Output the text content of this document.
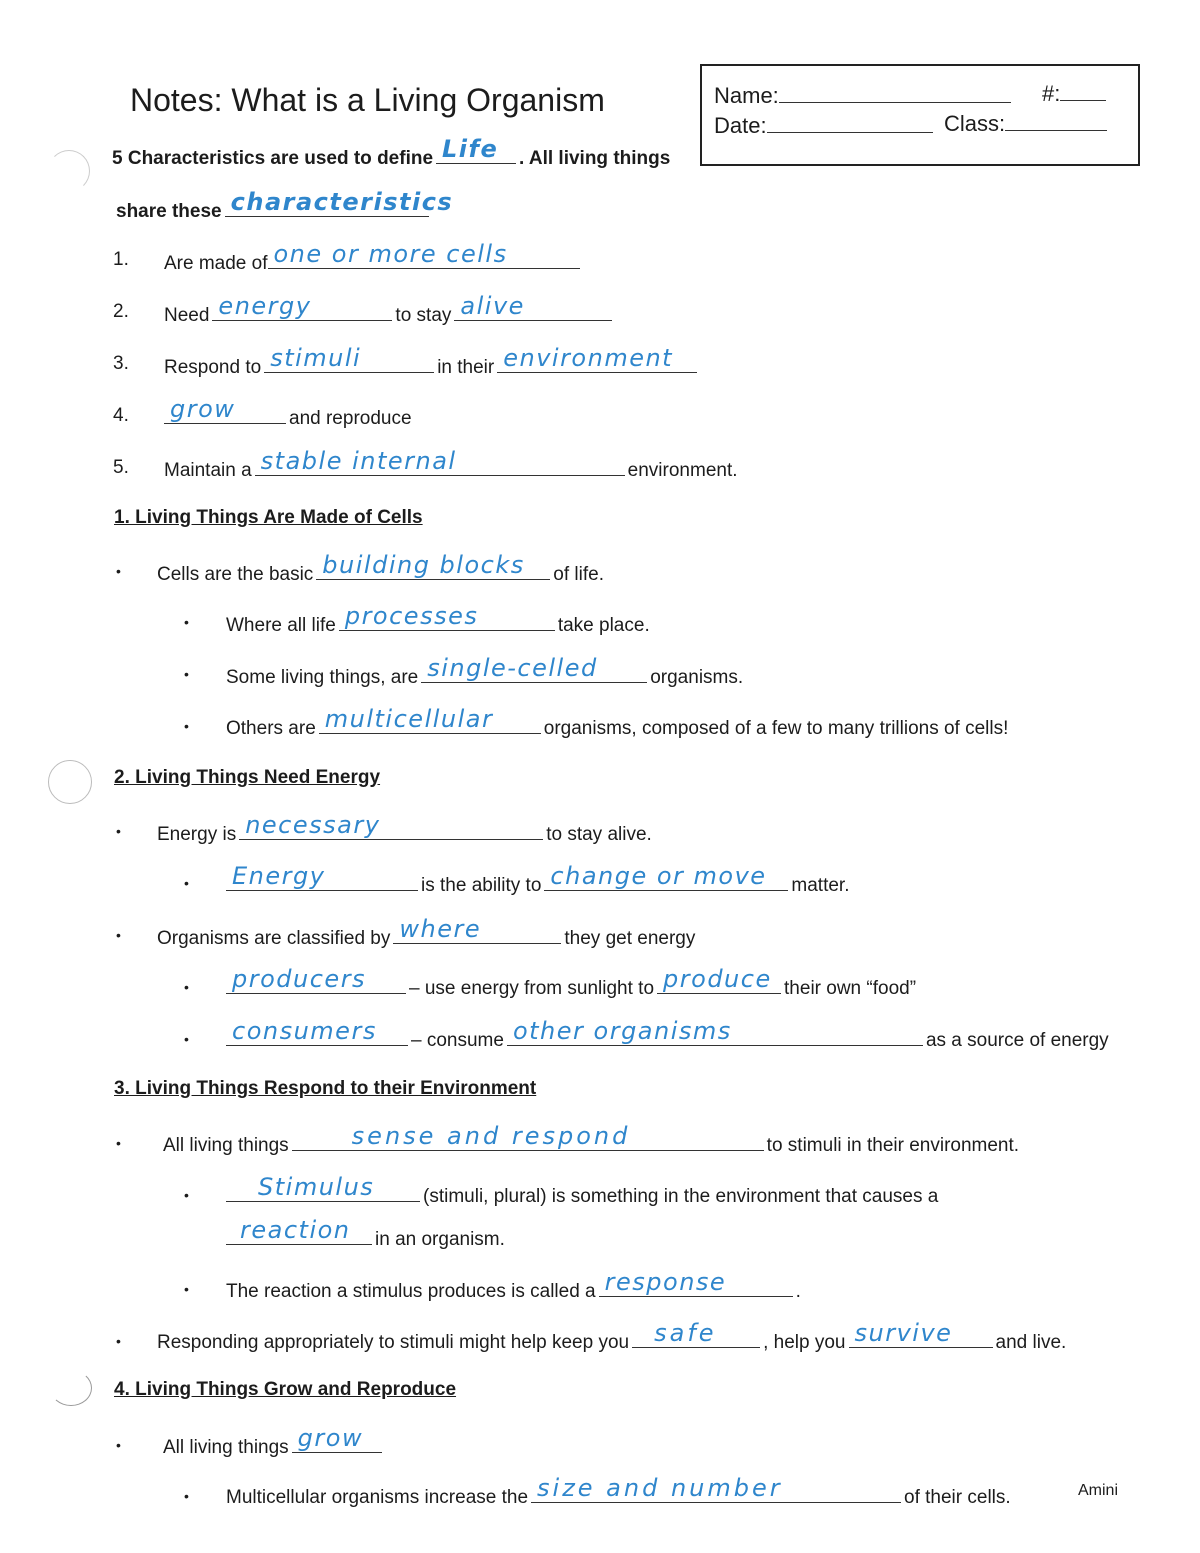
Notes: What is a Living Organism	Name:	#:
Date:	Class:
5 Characteristics are used to define Life . All living things
share these characteristics
1. Are made of one or more cells
2. Need energy	to stay alive
3. Respond to stimuli	in their environment
4. grow	and reproduce
5. Maintain a stable internal	environment.
1. Living Things Are Made of Cells
• Cells are the basic building blocks of life.
• Where all life processes	take place.
• Some living things, are single-celled	organisms.
• Others are multicellular	organisms, composed of a few to many trillions of cells!
2. Living Things Need Energy
• Energy is necessary	to stay alive.
• Energy	is the ability to change or move matter.
• Organisms are classified by where	they get energy
• producers – use energy from sunlight to produce their own “food”
• consumers – consume other organisms	as a source of energy
3. Living Things Respond to their Environment
• All living things	sense and respond	to stimuli in their environment.
•	Stimulus	(stimuli, plural) is something in the environment that causes a
reaction in an organism.
• The reaction a stimulus produces is called a response	.
• Responding appropriately to stimuli might help keep you safe , help you survive and live.
4. Living Things Grow and Reproduce
• All living things grow
• Multicellular organisms increase the size and number	of their cells.	Amini
